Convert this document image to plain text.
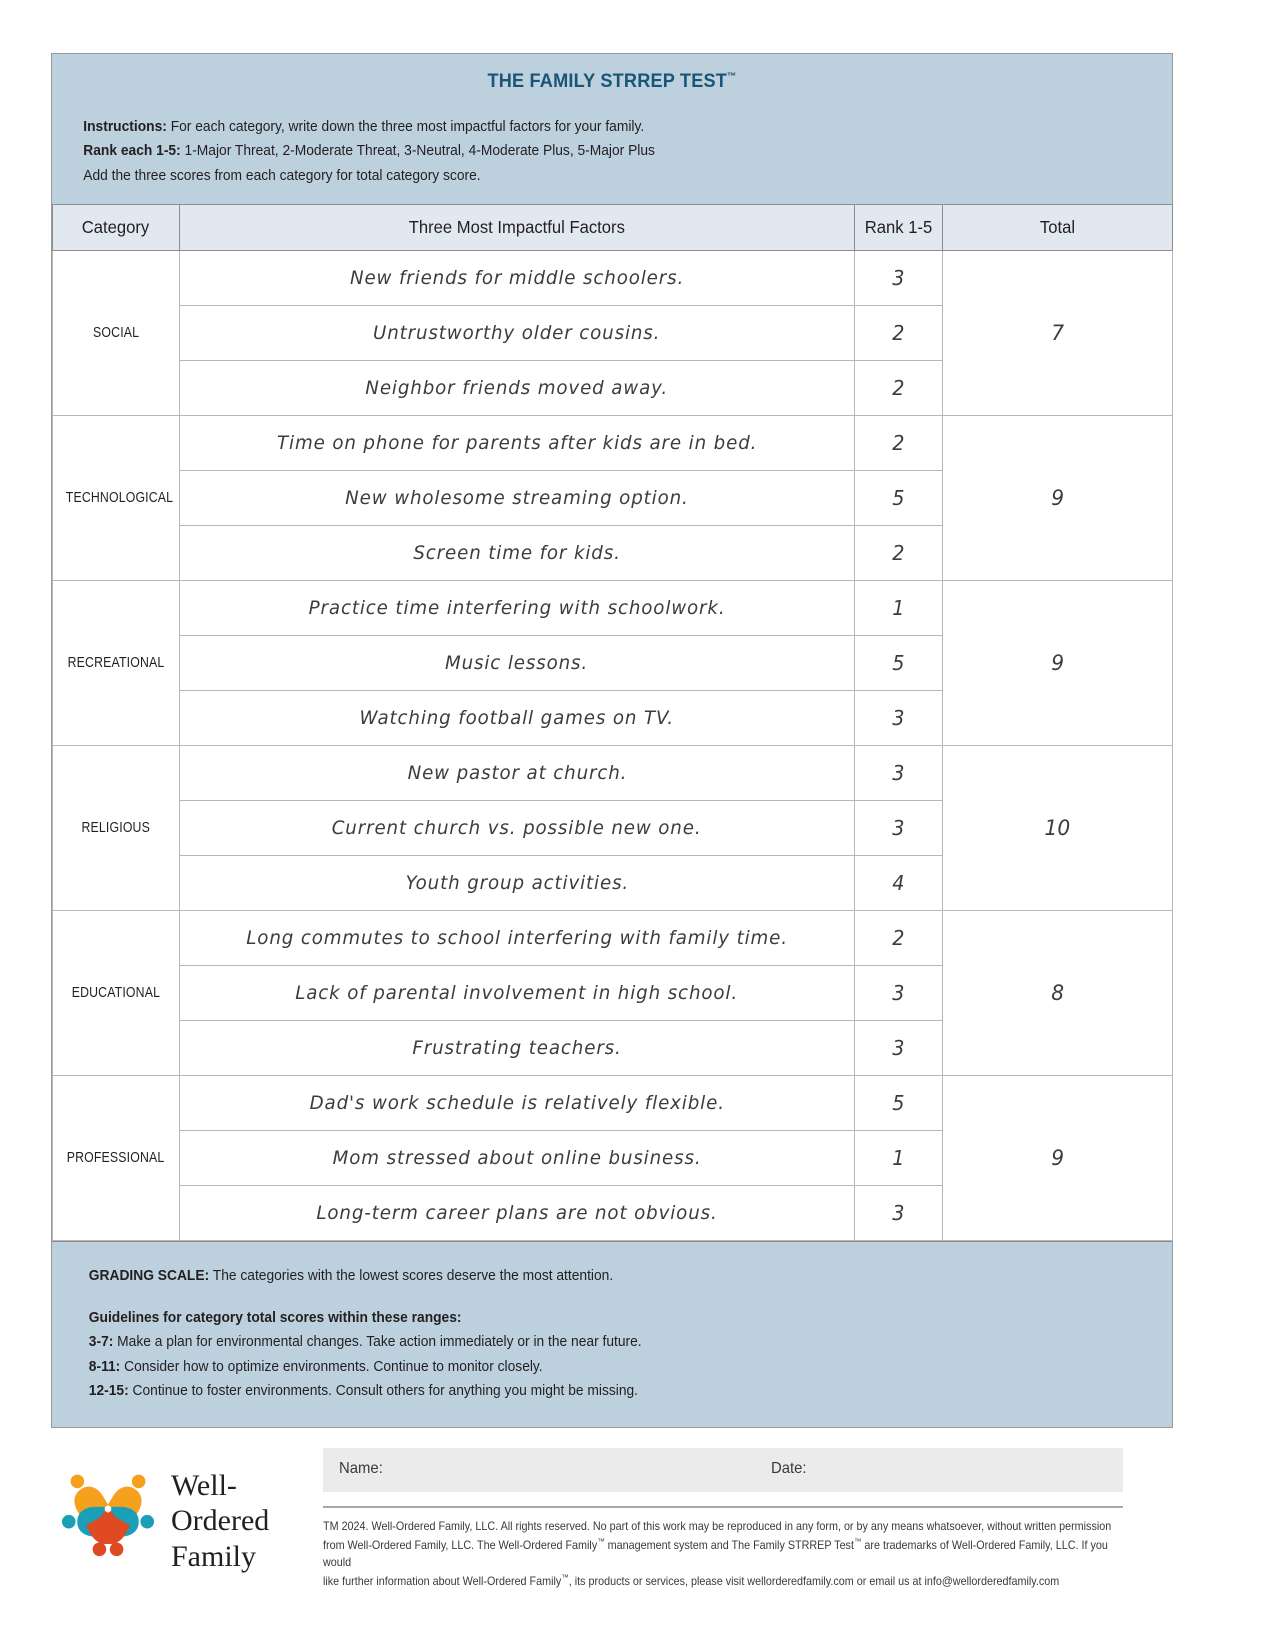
THE FAMILY STRREP TEST™
Instructions: For each category, write down the three most impactful factors for your family.
Rank each 1-5: 1-Major Threat, 2-Moderate Threat, 3-Neutral, 4-Moderate Plus, 5-Major Plus
Add the three scores from each category for total category score.
Category	Three Most Impactful Factors	Rank 1-5	Total
SOCIAL	New friends for middle schoolers.	3	7
	Untrustworthy older cousins.	2	
	Neighbor friends moved away.	2	
TECHNOLOGICAL	Time on phone for parents after kids are in bed.	2	9
	New wholesome streaming option.	5	
	Screen time for kids.	2	
RECREATIONAL	Practice time interfering with schoolwork.	1	9
	Music lessons.	5	
	Watching football games on TV.	3	
RELIGIOUS	New pastor at church.	3	10
	Current church vs. possible new one.	3	
	Youth group activities.	4	
EDUCATIONAL	Long commutes to school interfering with family time.	2	8
	Lack of parental involvement in high school.	3	
	Frustrating teachers.	3	
PROFESSIONAL	Dad's work schedule is relatively flexible.	5	9
	Mom stressed about online business.	1	
	Long-term career plans are not obvious.	3	
GRADING SCALE: The categories with the lowest scores deserve the most attention.
Guidelines for category total scores within these ranges:
3-7: Make a plan for environmental changes. Take action immediately or in the near future.
8-11: Consider how to optimize environments. Continue to monitor closely.
12-15: Continue to foster environments. Consult others for anything you might be missing.
Well-Ordered
Family
Name:	Date:
TM 2024. Well-Ordered Family, LLC. All rights reserved. No part of this work may be reproduced in any form, or by any means whatsoever, without written permission
from Well-Ordered Family, LLC. The Well-Ordered Family™ management system and The Family STRREP Test™ are trademarks of Well-Ordered Family, LLC. If you would
like further information about Well-Ordered Family™, its products or services, please visit wellorderedfamily.com or email us at info@wellorderedfamily.com
